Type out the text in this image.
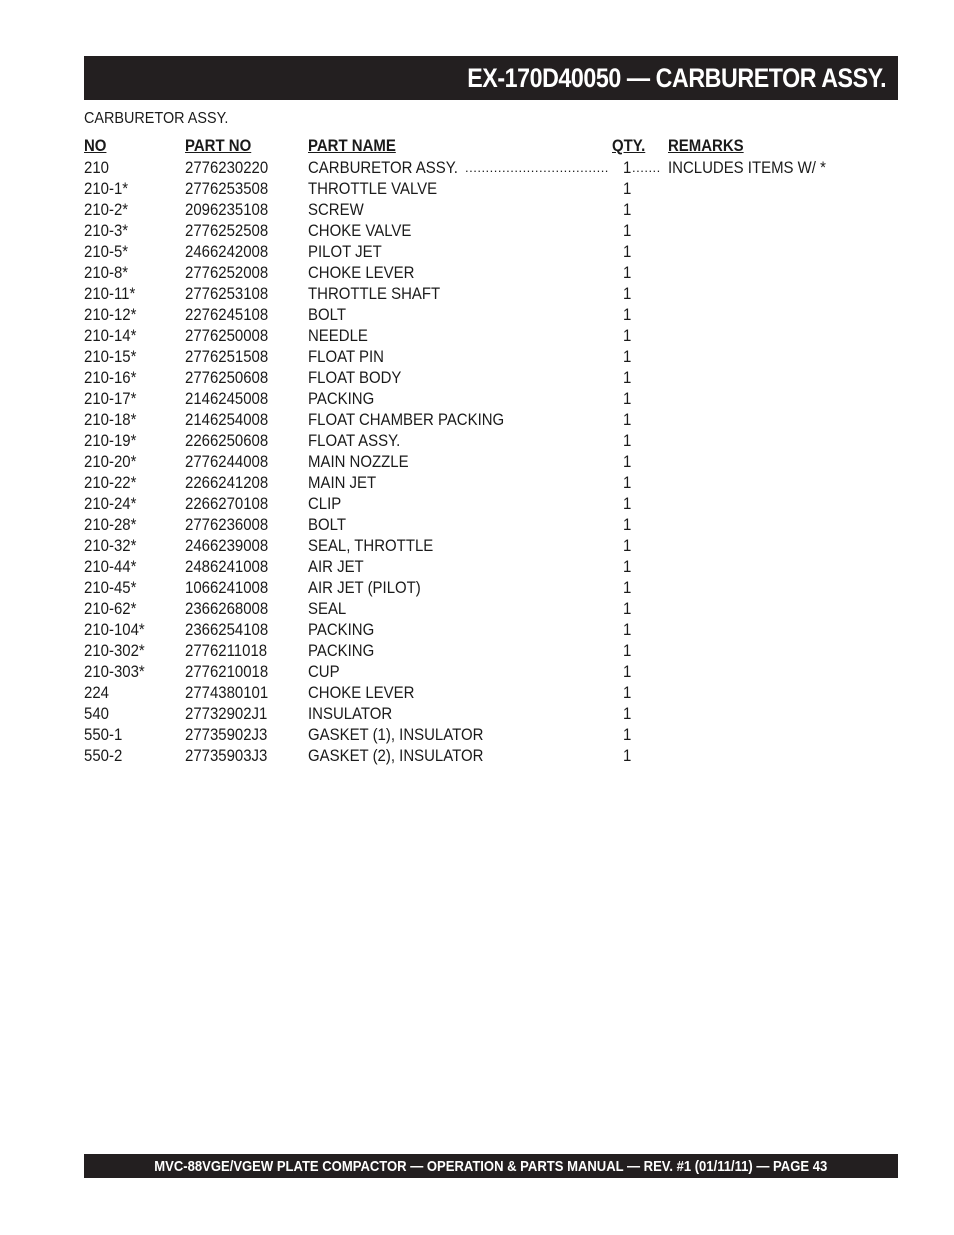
EX-170D40050 — CARBURETOR ASSY.
CARBURETOR ASSY.
NO	PART NO	PART NAME	QTY. REMARKS
210	2776230220 CARBURETOR ASSY.	1 INCLUDES ITEMS W/ *
................................... .......
210-1*	2776253508 THROTTLE VALVE	1
210-2*	2096235108 SCREW	1
210-3*	2776252508 CHOKE VALVE	1
210-5*	2466242008 PILOT JET	1
210-8*	2776252008 CHOKE LEVER	1
210-11*	2776253108 THROTTLE SHAFT	1
210-12*	2276245108 BOLT	1
210-14*	2776250008 NEEDLE	1
210-15*	2776251508 FLOAT PIN	1
210-16*	2776250608 FLOAT BODY	1
210-17*	2146245008 PACKING	1
210-18*	2146254008 FLOAT CHAMBER PACKING	1
210-19*	2266250608 FLOAT ASSY.	1
210-20*	2776244008 MAIN NOZZLE	1
210-22*	2266241208 MAIN JET	1
210-24*	2266270108 CLIP	1
210-28*	2776236008 BOLT	1
210-32*	2466239008 SEAL, THROTTLE	1
210-44*	2486241008 AIR JET	1
210-45*	1066241008 AIR JET (PILOT)	1
210-62*	2366268008 SEAL	1
210-104* 2366254108 PACKING	1
210-302* 2776211018 PACKING	1
210-303* 2776210018 CUP	1
224	2774380101 CHOKE LEVER	1
540	27732902J1 INSULATOR	1
550-1	27735902J3 GASKET (1), INSULATOR	1
550-2	27735903J3 GASKET (2), INSULATOR	1
MVC-88VGE/VGEW PLATE COMPACTOR — OPERATION & PARTS MANUAL — REV. #1 (01/11/11) — PAGE 43
